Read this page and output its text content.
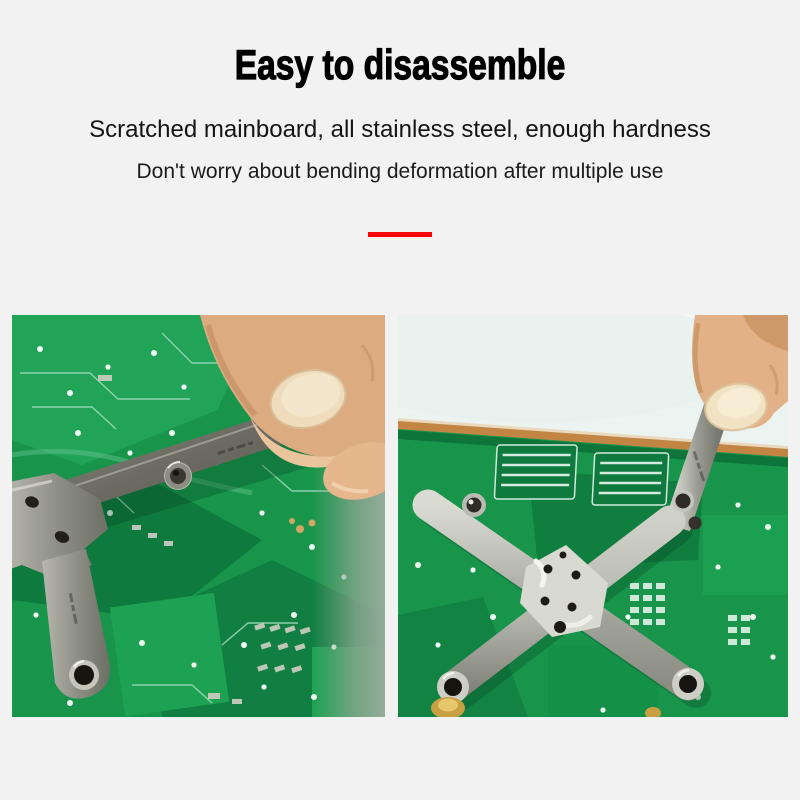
Easy to disassemble

Scratched mainboard, all stainless steel, enough hardness

Don't worry about bending deformation after multiple use
